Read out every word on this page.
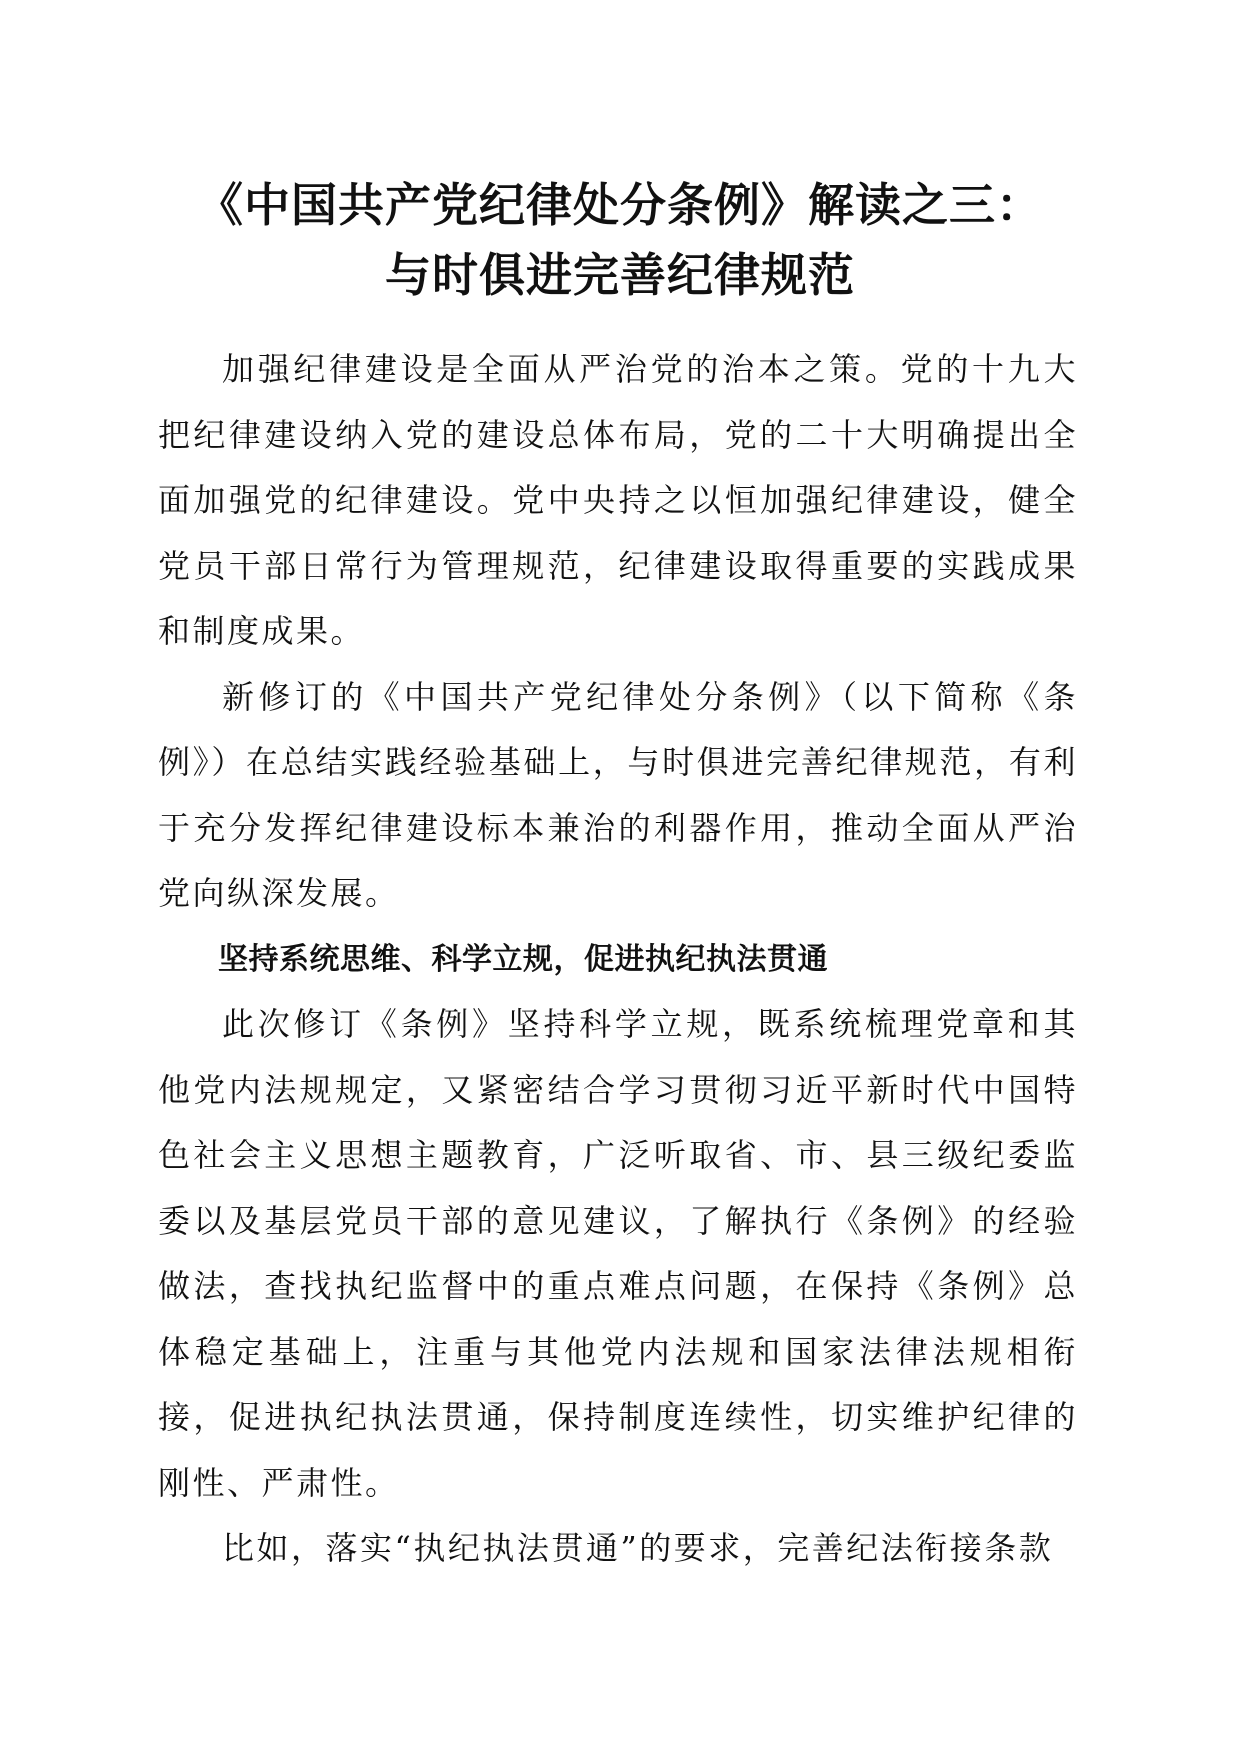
《中国共产党纪律处分条例》解读之三：
与时俱进完善纪律规范

加强纪律建设是全面从严治党的治本之策。党的十九大把纪律建设纳入党的建设总体布局，党的二十大明确提出全面加强党的纪律建设。党中央持之以恒加强纪律建设，健全党员干部日常行为管理规范，纪律建设取得重要的实践成果和制度成果。

新修订的《中国共产党纪律处分条例》（以下简称《条例》）在总结实践经验基础上，与时俱进完善纪律规范，有利于充分发挥纪律建设标本兼治的利器作用，推动全面从严治党向纵深发展。

坚持系统思维、科学立规，促进执纪执法贯通

此次修订《条例》坚持科学立规，既系统梳理党章和其他党内法规规定，又紧密结合学习贯彻习近平新时代中国特色社会主义思想主题教育，广泛听取省、市、县三级纪委监委以及基层党员干部的意见建议，了解执行《条例》的经验做法，查找执纪监督中的重点难点问题，在保持《条例》总体稳定基础上，注重与其他党内法规和国家法律法规相衔接，促进执纪执法贯通，保持制度连续性，切实维护纪律的刚性、严肃性。

比如，落实“执纪执法贯通”的要求，完善纪法衔接条款
